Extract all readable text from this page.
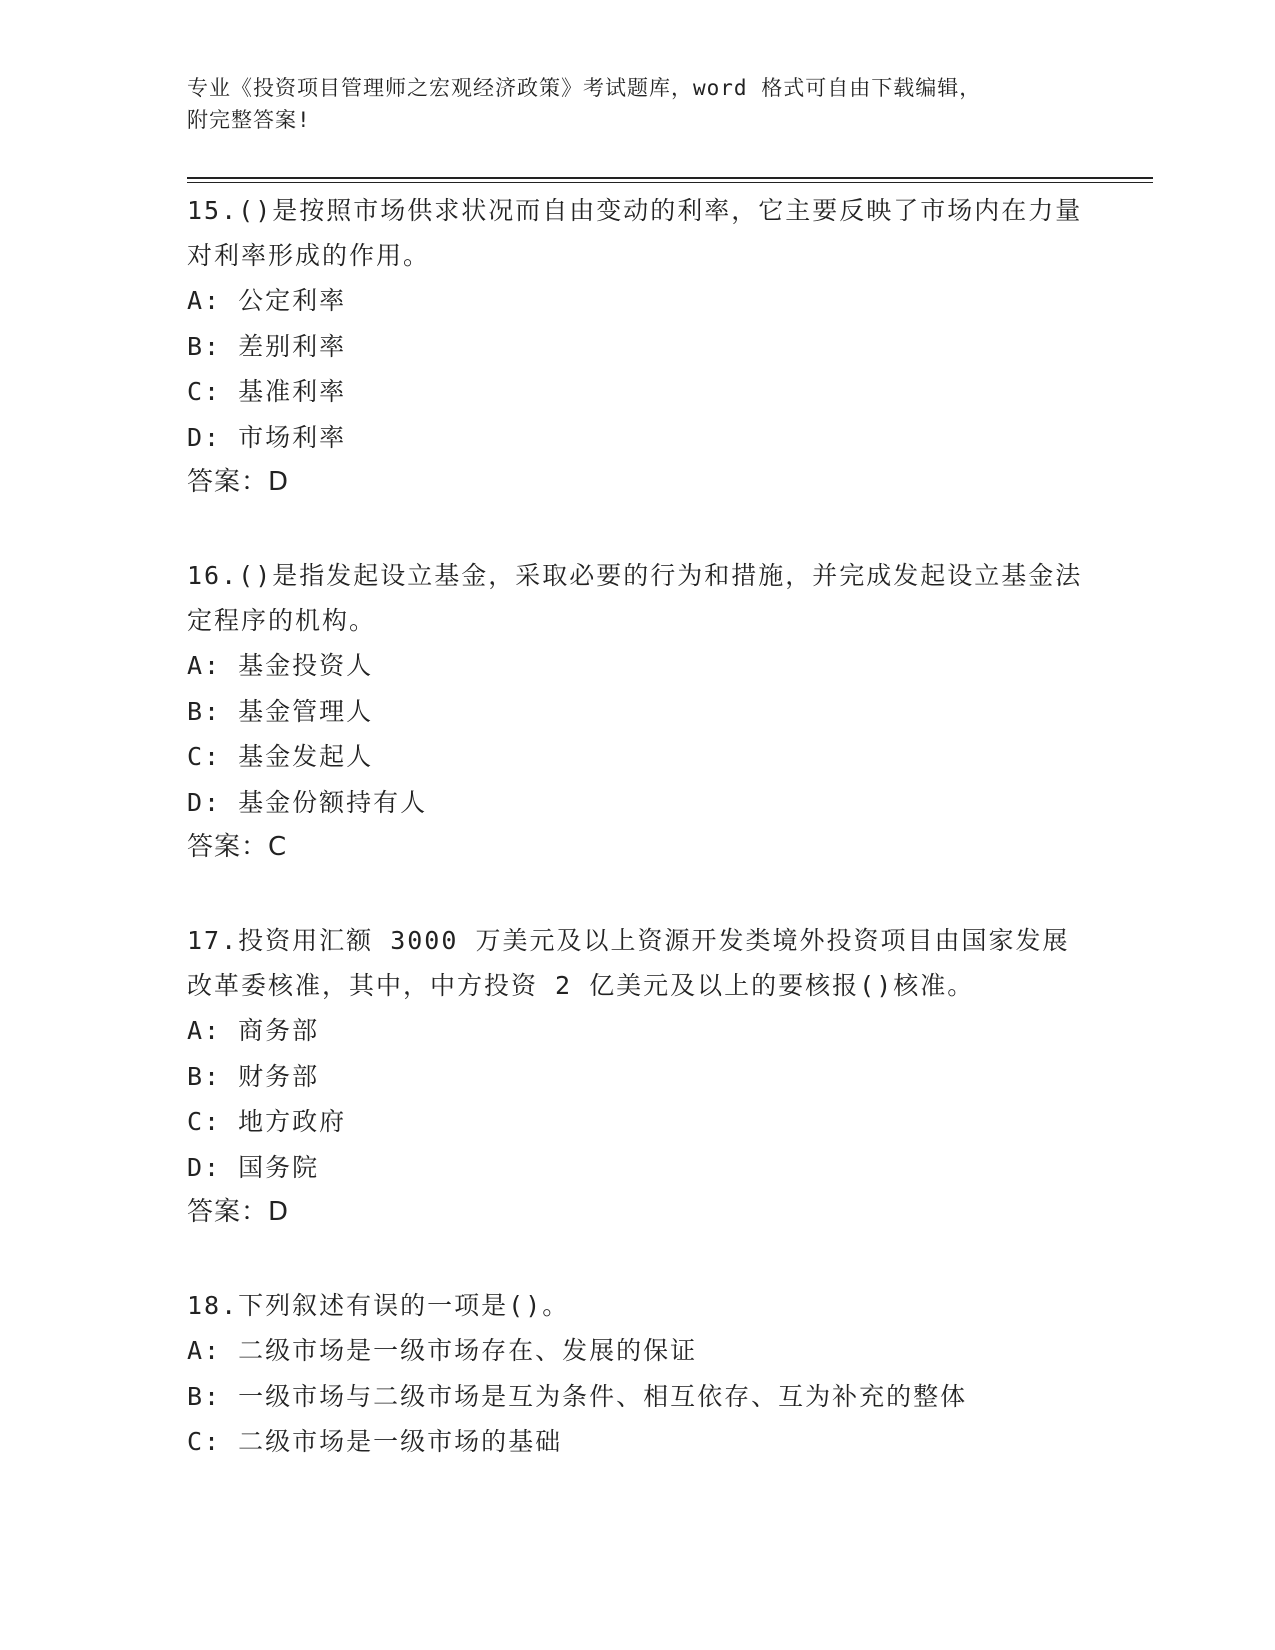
专业《投资项目管理师之宏观经济政策》考试题库，word 格式可自由下载编辑，
附完整答案!

15.()是按照市场供求状况而自由变动的利率，它主要反映了市场内在力量对利率形成的作用。

A: 公定利率

B: 差别利率

C: 基准利率

D: 市场利率

答案：D

16.()是指发起设立基金，采取必要的行为和措施，并完成发起设立基金法定程序的机构。

A: 基金投资人

B: 基金管理人

C: 基金发起人

D: 基金份额持有人

答案：C

17.投资用汇额 3000 万美元及以上资源开发类境外投资项目由国家发展改革委核准，其中，中方投资 2 亿美元及以上的要核报()核准。

A: 商务部

B: 财务部

C: 地方政府

D: 国务院

答案：D

18.下列叙述有误的一项是()。

A: 二级市场是一级市场存在、发展的保证

B: 一级市场与二级市场是互为条件、相互依存、互为补充的整体

C: 二级市场是一级市场的基础
